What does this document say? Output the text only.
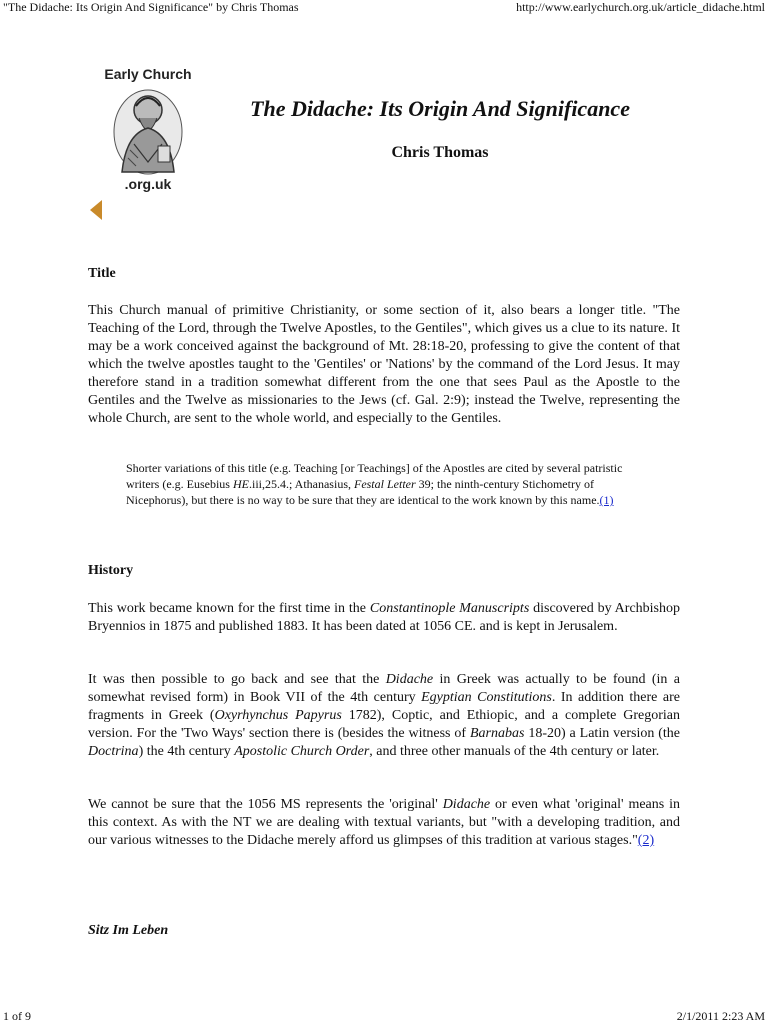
"The Didache: Its Origin And Significance" by Chris Thomas	http://www.earlychurch.org.uk/article_didache.html
Early Church
.org.uk
The Didache: Its Origin And Significance
Chris Thomas
Title

This Church manual of primitive Christianity, or some section of it, also bears a longer title. "The Teaching of the Lord, through the Twelve Apostles, to the Gentiles", which gives us a clue to its nature. It may be a work conceived against the background of Mt. 28:18-20, professing to give the content of that which the twelve apostles taught to the 'Gentiles' or 'Nations' by the command of the Lord Jesus. It may therefore stand in a tradition somewhat different from the one that sees Paul as the Apostle to the Gentiles and the Twelve as missionaries to the Jews (cf. Gal. 2:9); instead the Twelve, representing the whole Church, are sent to the whole world, and especially to the Gentiles.

Shorter variations of this title (e.g. Teaching [or Teachings] of the Apostles are cited by several patristic writers (e.g. Eusebius HE.iii,25.4.; Athanasius, Festal Letter 39; the ninth-century Stichometry of Nicephorus), but there is no way to be sure that they are identical to the work known by this name.(1)
History

This work became known for the first time in the Constantinople Manuscripts discovered by Archbishop Bryennios in 1875 and published 1883. It has been dated at 1056 CE. and is kept in Jerusalem.

It was then possible to go back and see that the Didache in Greek was actually to be found (in a somewhat revised form) in Book VII of the 4th century Egyptian Constitutions. In addition there are fragments in Greek (Oxyrhynchus Papyrus 1782), Coptic, and Ethiopic, and a complete Gregorian version. For the 'Two Ways' section there is (besides the witness of Barnabas 18-20) a Latin version (the Doctrina) the 4th century Apostolic Church Order, and three other manuals of the 4th century or later.

We cannot be sure that the 1056 MS represents the 'original' Didache or even what 'original' means in this context. As with the NT we are dealing with textual variants, but "with a developing tradition, and our various witnesses to the Didache merely afford us glimpses of this tradition at various stages."(2)

Sitz Im Leben
1 of 9	2/1/2011 2:23 AM
